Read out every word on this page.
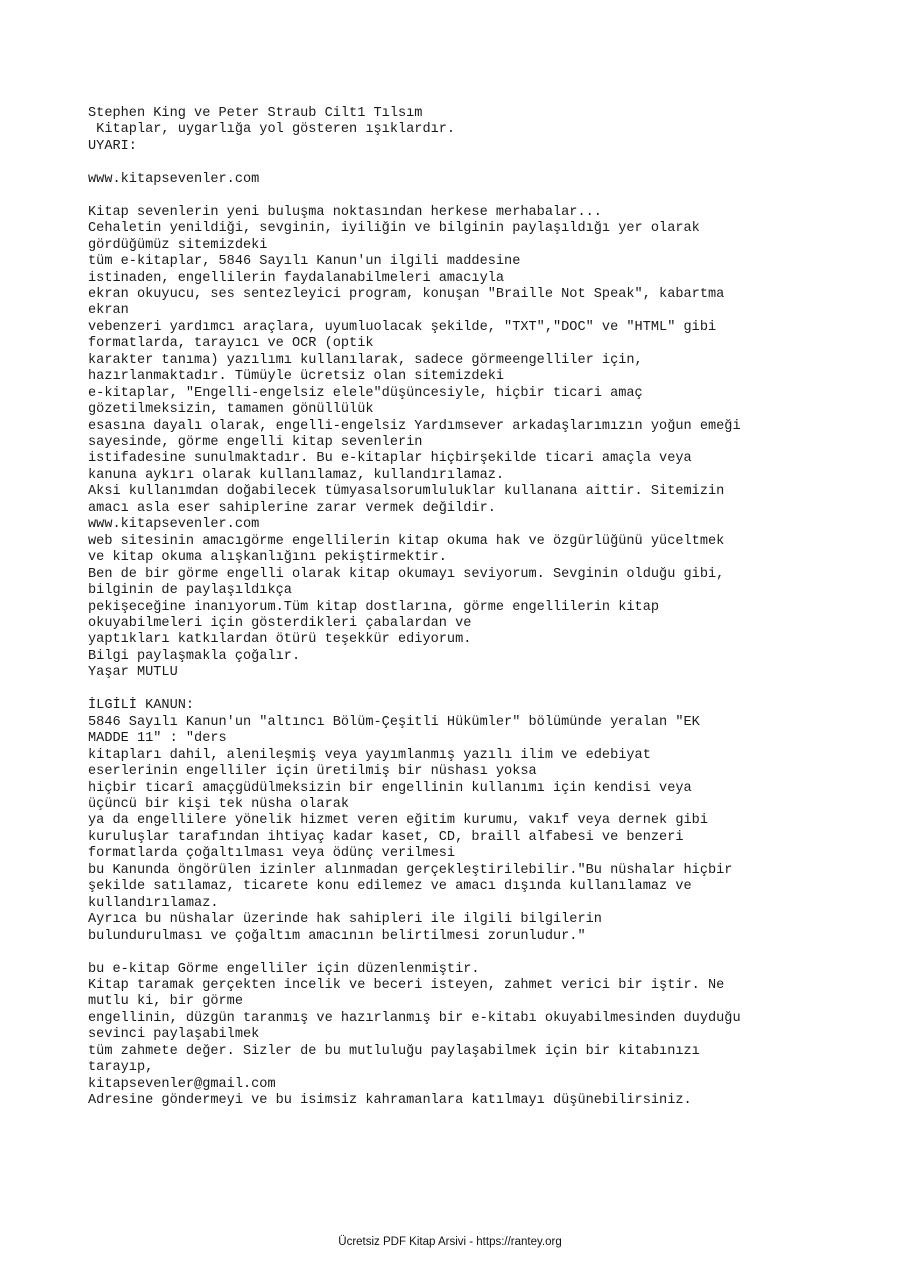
Stephen King ve Peter Straub Cilt1 Tılsım
Kitaplar, uygarlığa yol gösteren ışıklardır.
UYARI:
www.kitapsevenler.com
Kitap sevenlerin yeni buluşma noktasından herkese merhabalar...
Cehaletin yenildiği, sevginin, iyiliğin ve bilginin paylaşıldığı yer olarak
gördüğümüz sitemizdeki
tüm e-kitaplar, 5846 Sayılı Kanun'un ilgili maddesine
istinaden, engellilerin faydalanabilmeleri amacıyla
ekran okuyucu, ses sentezleyici program, konuşan "Braille Not Speak", kabartma
ekran
vebenzeri yardımcı araçlara, uyumluolacak şekilde, "TXT","DOC" ve "HTML" gibi
formatlarda, tarayıcı ve OCR (optik
karakter tanıma) yazılımı kullanılarak, sadece görmeengelliler için,
hazırlanmaktadır. Tümüyle ücretsiz olan sitemizdeki
e-kitaplar, "Engelli-engelsiz elele"düşüncesiyle, hiçbir ticari amaç
gözetilmeksizin, tamamen gönüllülük
esasına dayalı olarak, engelli-engelsiz Yardımsever arkadaşlarımızın yoğun emeği
sayesinde, görme engelli kitap sevenlerin
istifadesine sunulmaktadır. Bu e-kitaplar hiçbirşekilde ticari amaçla veya
kanuna aykırı olarak kullanılamaz, kullandırılamaz.
Aksi kullanımdan doğabilecek tümyasalsorumluluklar kullanana aittir. Sitemizin
amacı asla eser sahiplerine zarar vermek değildir.
www.kitapsevenler.com
web sitesinin amacıgörme engellilerin kitap okuma hak ve özgürlüğünü yüceltmek
ve kitap okuma alışkanlığını pekiştirmektir.
Ben de bir görme engelli olarak kitap okumayı seviyorum. Sevginin olduğu gibi,
bilginin de paylaşıldıkça
pekişeceğine inanıyorum.Tüm kitap dostlarına, görme engellilerin kitap
okuyabilmeleri için gösterdikleri çabalardan ve
yaptıkları katkılardan ötürü teşekkür ediyorum.
Bilgi paylaşmakla çoğalır.
Yaşar MUTLU
İLGİLİ KANUN:
5846 Sayılı Kanun'un "altıncı Bölüm-Çeşitli Hükümler" bölümünde yeralan "EK
MADDE 11" : "ders
kitapları dahil, alenileşmiş veya yayımlanmış yazılı ilim ve edebiyat
eserlerinin engelliler için üretilmiş bir nüshası yoksa
hiçbir ticarî amaçgüdülmeksizin bir engellinin kullanımı için kendisi veya
üçüncü bir kişi tek nüsha olarak
ya da engellilere yönelik hizmet veren eğitim kurumu, vakıf veya dernek gibi
kuruluşlar tarafından ihtiyaç kadar kaset, CD, braill alfabesi ve benzeri
formatlarda çoğaltılması veya ödünç verilmesi
bu Kanunda öngörülen izinler alınmadan gerçekleştirilebilir."Bu nüshalar hiçbir
şekilde satılamaz, ticarete konu edilemez ve amacı dışında kullanılamaz ve
kullandırılamaz.
Ayrıca bu nüshalar üzerinde hak sahipleri ile ilgili bilgilerin
bulundurulması ve çoğaltım amacının belirtilmesi zorunludur."
bu e-kitap Görme engelliler için düzenlenmiştir.
Kitap taramak gerçekten incelik ve beceri isteyen, zahmet verici bir iştir. Ne
mutlu ki, bir görme
engellinin, düzgün taranmış ve hazırlanmış bir e-kitabı okuyabilmesinden duyduğu
sevinci paylaşabilmek
tüm zahmete değer. Sizler de bu mutluluğu paylaşabilmek için bir kitabınızı
tarayıp,
kitapsevenler@gmail.com
Adresine göndermeyi ve bu isimsiz kahramanlara katılmayı düşünebilirsiniz.
Ücretsiz PDF Kitap Arsivi - https://rantey.org
